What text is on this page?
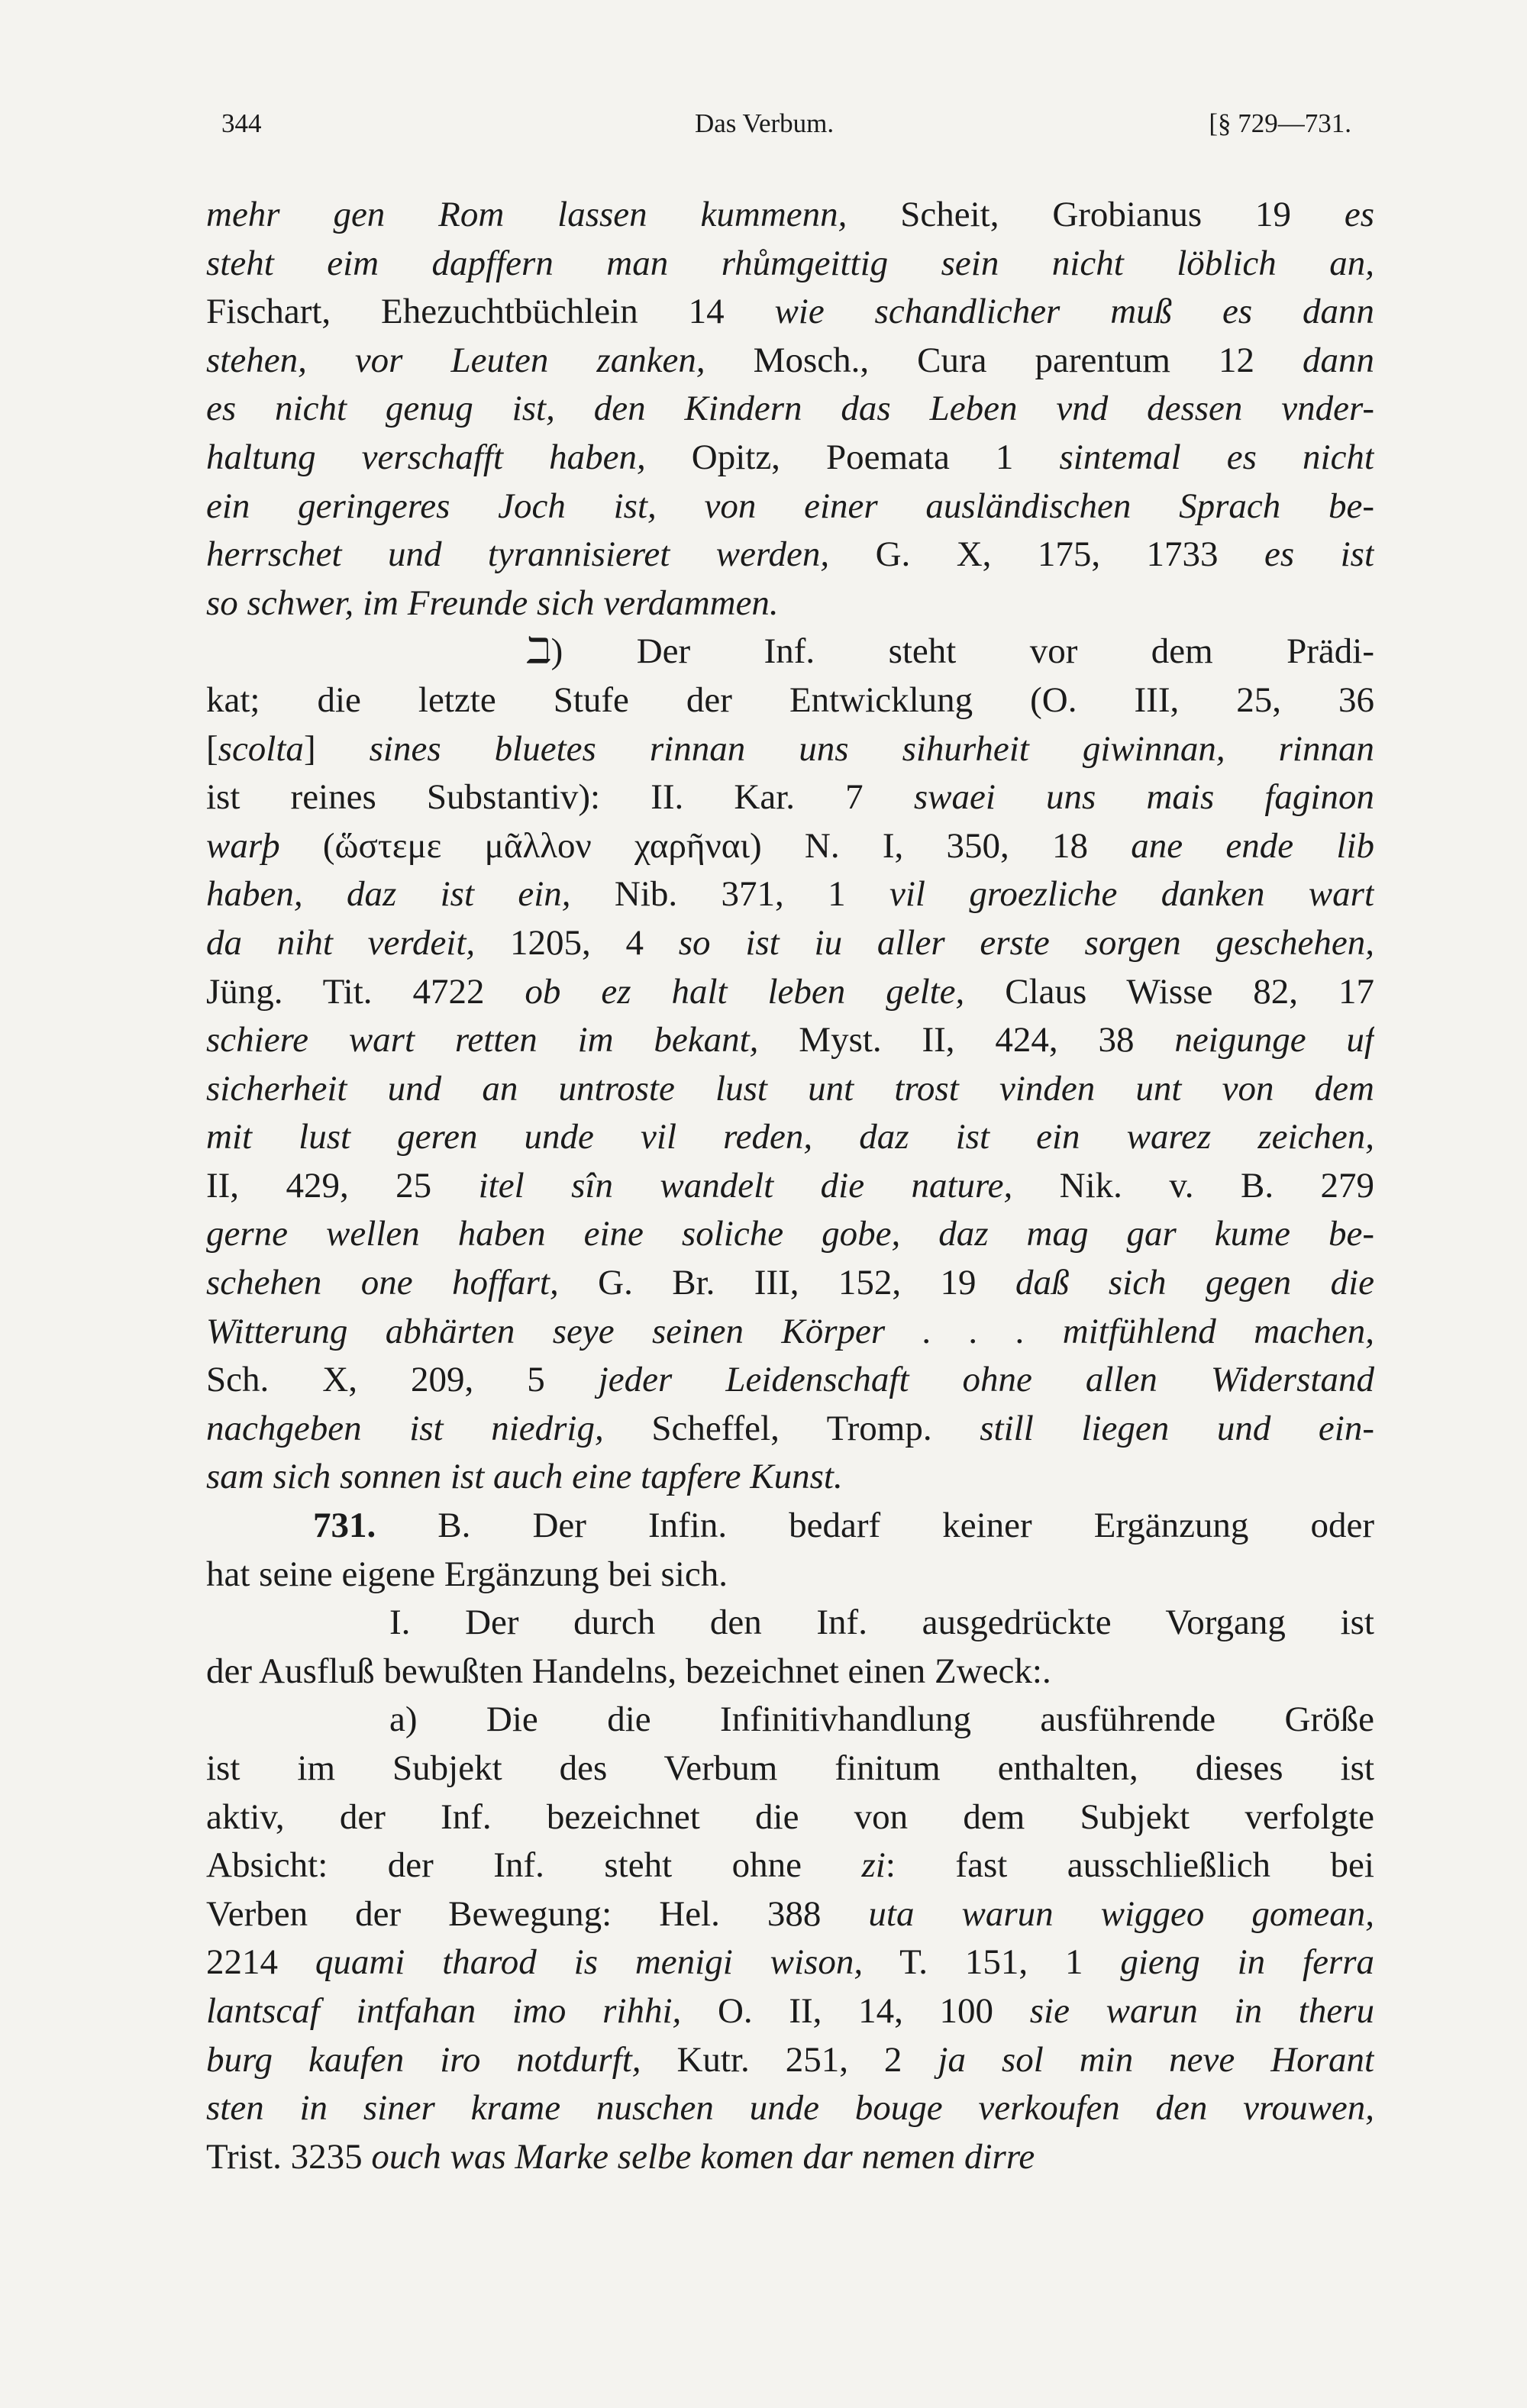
344	Das Verbum.	[§ 729—731.
mehr gen Rom lassen kummenn, Scheit, Grobianus 19 es
steht eim dapffern man rhůmgeittig sein nicht löblich an,
Fischart, Ehezuchtbüchlein 14 wie schandlicher muß es dann
stehen, vor Leuten zanken, Mosch., Cura parentum 12 dann
es nicht genug ist, den Kindern das Leben vnd dessen vnder-
haltung verschafft haben, Opitz, Poemata 1 sintemal es nicht
ein geringeres Joch ist, von einer ausländischen Sprach be-
herrschet und tyrannisieret werden, G. X, 175, 1733 es ist
so schwer, im Freunde sich verdammen.
ℶ) Der Inf. steht vor dem Prädi-
kat; die letzte Stufe der Entwicklung (O. III, 25, 36
[scolta] sines bluetes rinnan uns sihurheit giwinnan, rinnan
ist reines Substantiv): II. Kar. 7 swaei uns mais faginon
warþ (ὥστεμε μᾶλλον χαρῆναι) N. I, 350, 18 ane ende lib
haben, daz ist ein, Nib. 371, 1 vil groezliche danken wart
da niht verdeit, 1205, 4 so ist iu aller erste sorgen geschehen,
Jüng. Tit. 4722 ob ez halt leben gelte, Claus Wisse 82, 17
schiere wart retten im bekant, Myst. II, 424, 38 neigunge uf
sicherheit und an untroste lust unt trost vinden unt von dem
mit lust geren unde vil reden, daz ist ein warez zeichen,
II, 429, 25 itel sîn wandelt die nature, Nik. v. B. 279
gerne wellen haben eine soliche gobe, daz mag gar kume be-
schehen one hoffart, G. Br. III, 152, 19 daß sich gegen die
Witterung abhärten seye seinen Körper . . . mitfühlend machen,
Sch. X, 209, 5 jeder Leidenschaft ohne allen Widerstand
nachgeben ist niedrig, Scheffel, Tromp. still liegen und ein-
sam sich sonnen ist auch eine tapfere Kunst.
731. B. Der Infin. bedarf keiner Ergänzung oder
hat seine eigene Ergänzung bei sich.
I. Der durch den Inf. ausgedrückte Vorgang ist
der Ausfluß bewußten Handelns, bezeichnet einen Zweck:.
a) Die die Infinitivhandlung ausführende Größe
ist im Subjekt des Verbum finitum enthalten, dieses ist
aktiv, der Inf. bezeichnet die von dem Subjekt verfolgte
Absicht: der Inf. steht ohne zi: fast ausschließlich bei
Verben der Bewegung: Hel. 388 uta warun wiggeo gomean,
2214 quami tharod is menigi wison, T. 151, 1 gieng in ferra
lantscaf intfahan imo rihhi, O. II, 14, 100 sie warun in theru
burg kaufen iro notdurft, Kutr. 251, 2 ja sol min neve Horant
sten in siner krame nuschen unde bouge verkoufen den vrouwen,
Trist. 3235 ouch was Marke selbe komen dar nemen dirre
